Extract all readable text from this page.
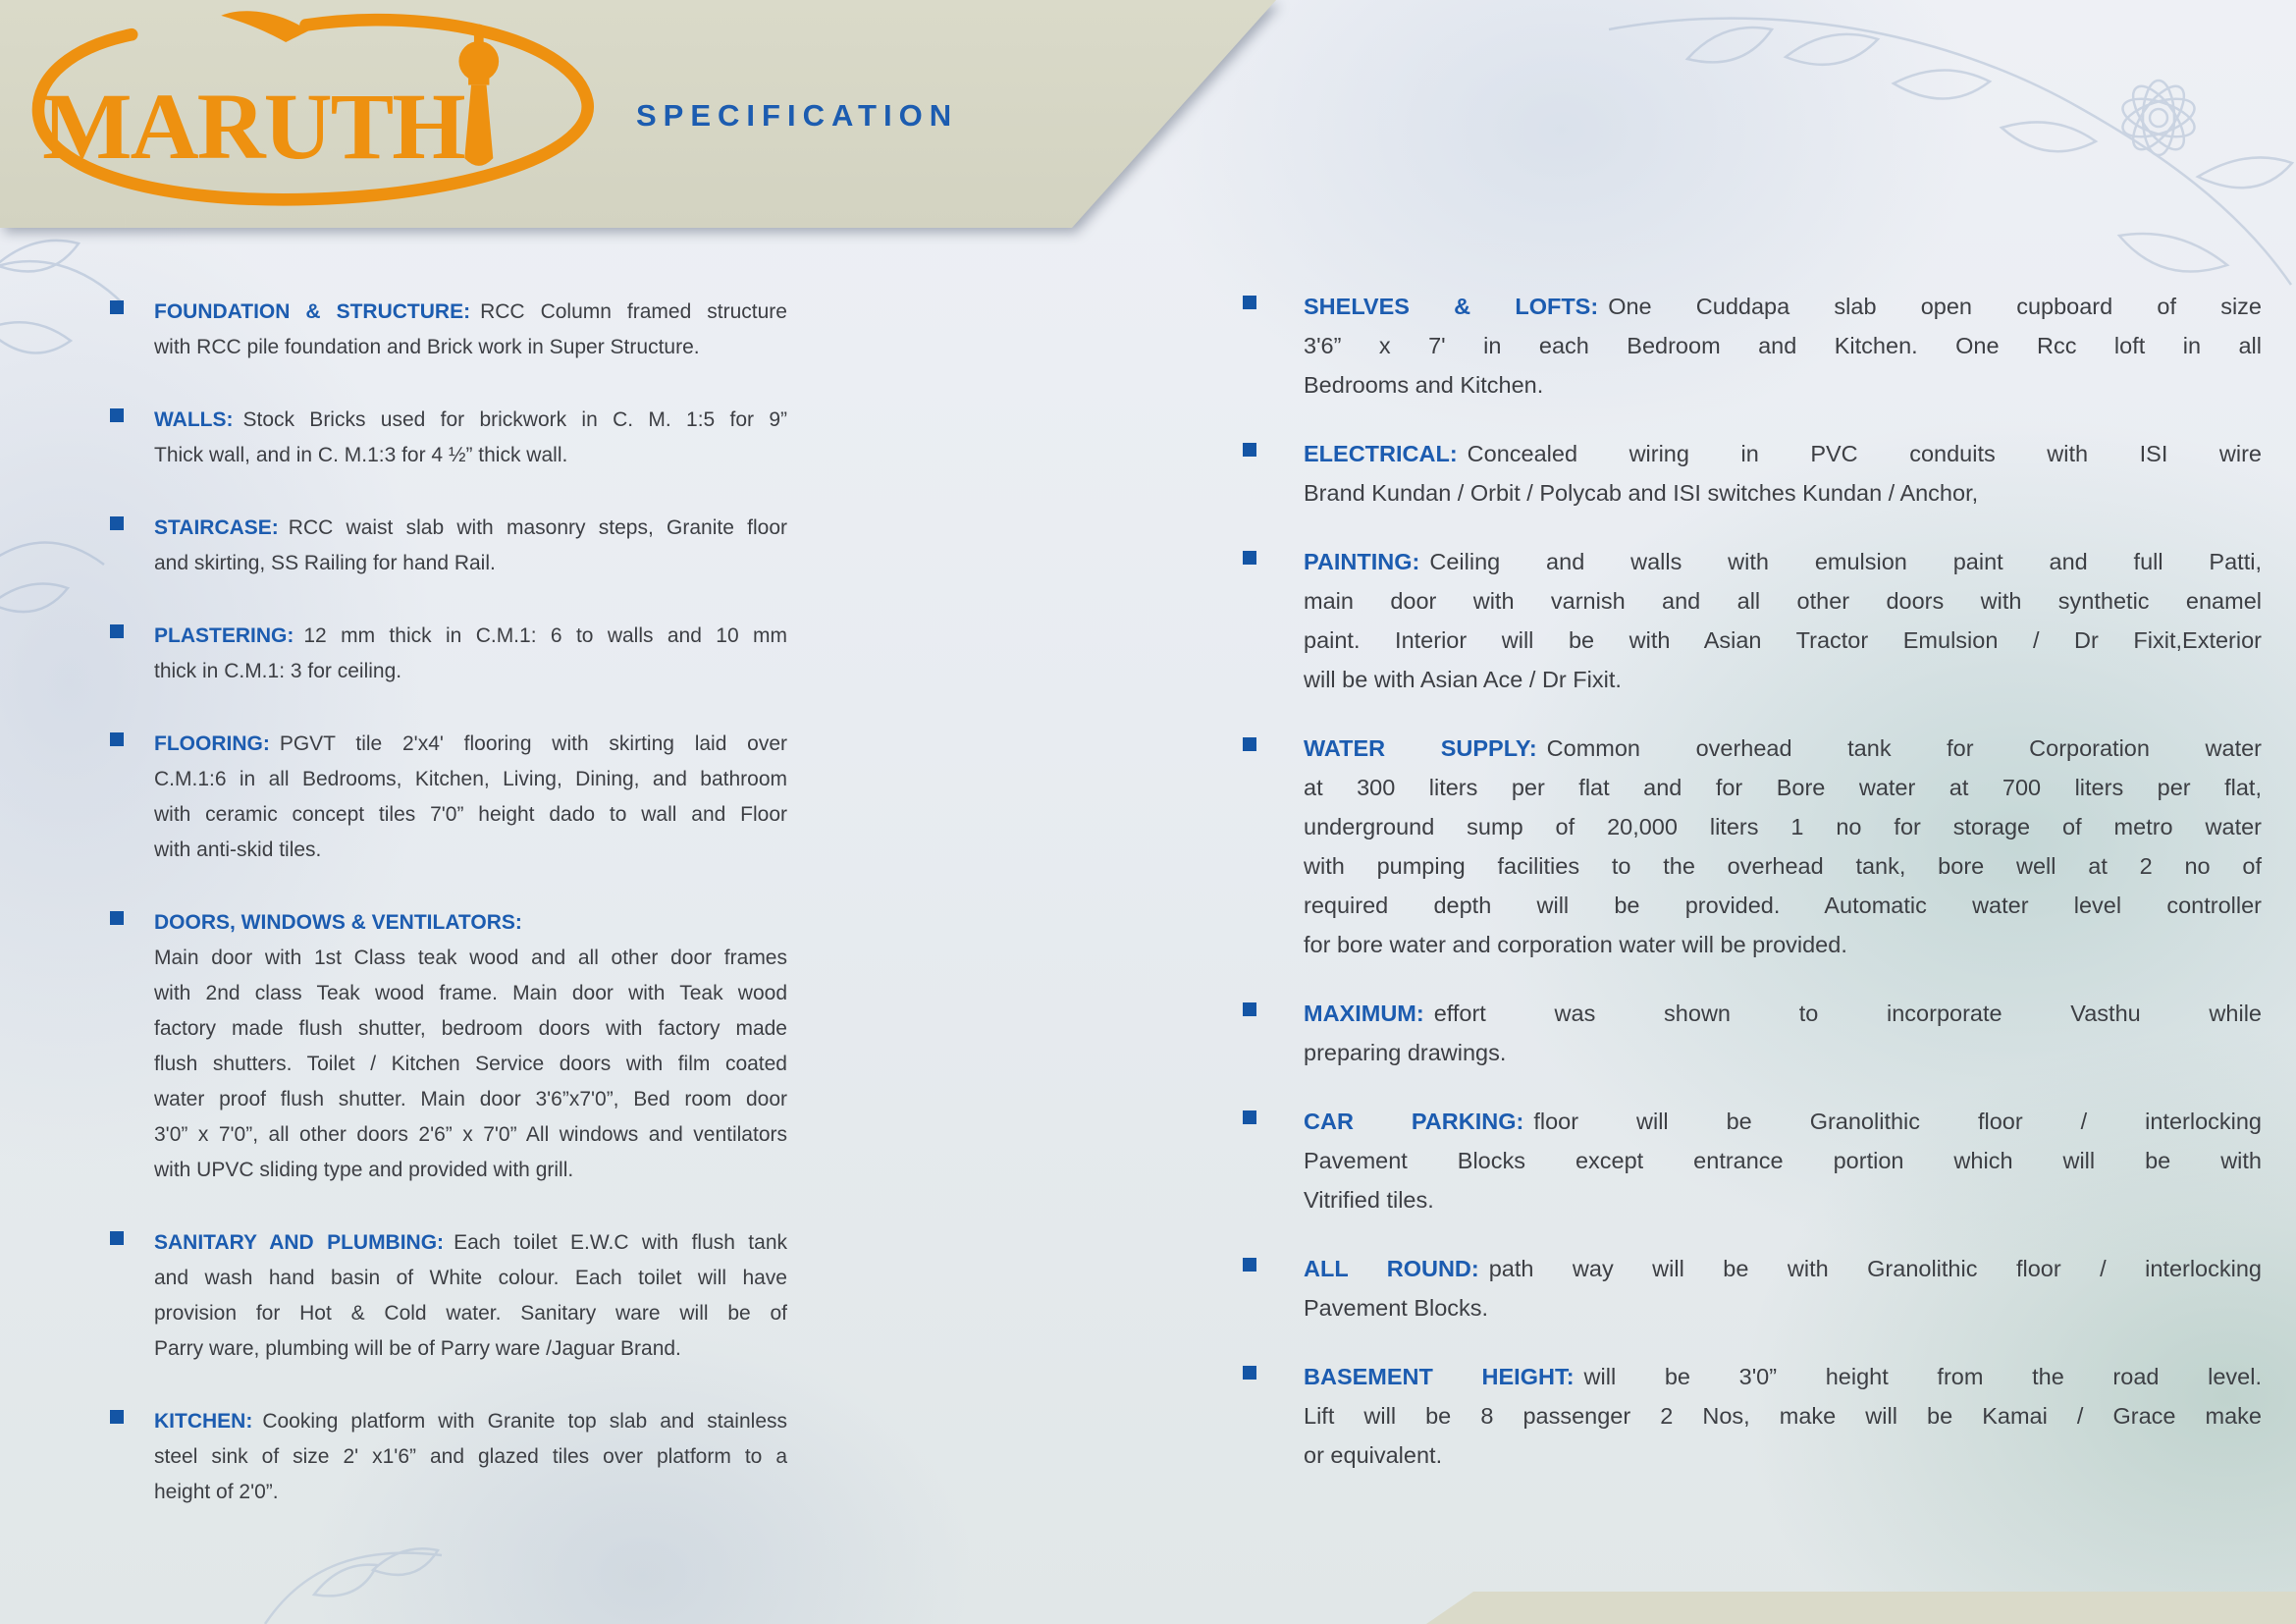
MARUTH	SPECIFICATION
FOUNDATION & STRUCTURE: RCC Column framed structure
with RCC pile foundation and Brick work in Super Structure.
WALLS: Stock Bricks used for brickwork in C. M. 1:5 for 9”
Thick wall, and in C. M.1:3 for 4 ½” thick wall.
STAIRCASE: RCC waist slab with masonry steps, Granite floor
and skirting, SS Railing for hand Rail.
PLASTERING: 12 mm thick in C.M.1: 6 to walls and 10 mm
thick in C.M.1: 3 for ceiling.
FLOORING: PGVT tile 2'x4' flooring with skirting laid over
C.M.1:6 in all Bedrooms, Kitchen, Living, Dining, and bathroom
with ceramic concept tiles 7'0” height dado to wall and Floor
with anti-skid tiles.
DOORS, WINDOWS & VENTILATORS:
Main door with 1st Class teak wood and all other door frames
with 2nd class Teak wood frame. Main door with Teak wood
factory made flush shutter, bedroom doors with factory made
flush shutters. Toilet / Kitchen Service doors with film coated
water proof flush shutter. Main door 3'6”x7'0”, Bed room door
3'0” x 7'0”, all other doors 2'6” x 7'0” All windows and ventilators
with UPVC sliding type and provided with grill.
SANITARY AND PLUMBING: Each toilet E.W.C with flush tank
and wash hand basin of White colour. Each toilet will have
provision for Hot & Cold water. Sanitary ware will be of
Parry ware, plumbing will be of Parry ware /Jaguar Brand.
KITCHEN: Cooking platform with Granite top slab and stainless
steel sink of size 2' x1'6” and glazed tiles over platform to a
height of 2'0”.
SHELVES & LOFTS: One Cuddapa slab open cupboard of size
3'6” x 7' in each Bedroom and Kitchen. One Rcc loft in all
Bedrooms and Kitchen.
ELECTRICAL: Concealed wiring in PVC conduits with ISI wire
Brand Kundan / Orbit / Polycab and ISI switches Kundan / Anchor,
PAINTING: Ceiling and walls with emulsion paint and full Patti,
main door with varnish and all other doors with synthetic enamel
paint. Interior will be with Asian Tractor Emulsion / Dr Fixit,Exterior
will be with Asian Ace / Dr Fixit.
WATER SUPPLY: Common overhead tank for Corporation water
at 300 liters per flat and for Bore water at 700 liters per flat,
underground sump of 20,000 liters 1 no for storage of metro water
with pumping facilities to the overhead tank, bore well at 2 no of
required depth will be provided. Automatic water level controller
for bore water and corporation water will be provided.
MAXIMUM: effort was shown to incorporate Vasthu while
preparing drawings.
CAR PARKING: floor will be Granolithic floor / interlocking
Pavement Blocks except entrance portion which will be with
Vitrified tiles.
ALL ROUND: path way will be with Granolithic floor / interlocking
Pavement Blocks.
BASEMENT HEIGHT: will be 3'0” height from the road level.
Lift will be 8 passenger 2 Nos, make will be Kamai / Grace make
or equivalent.
